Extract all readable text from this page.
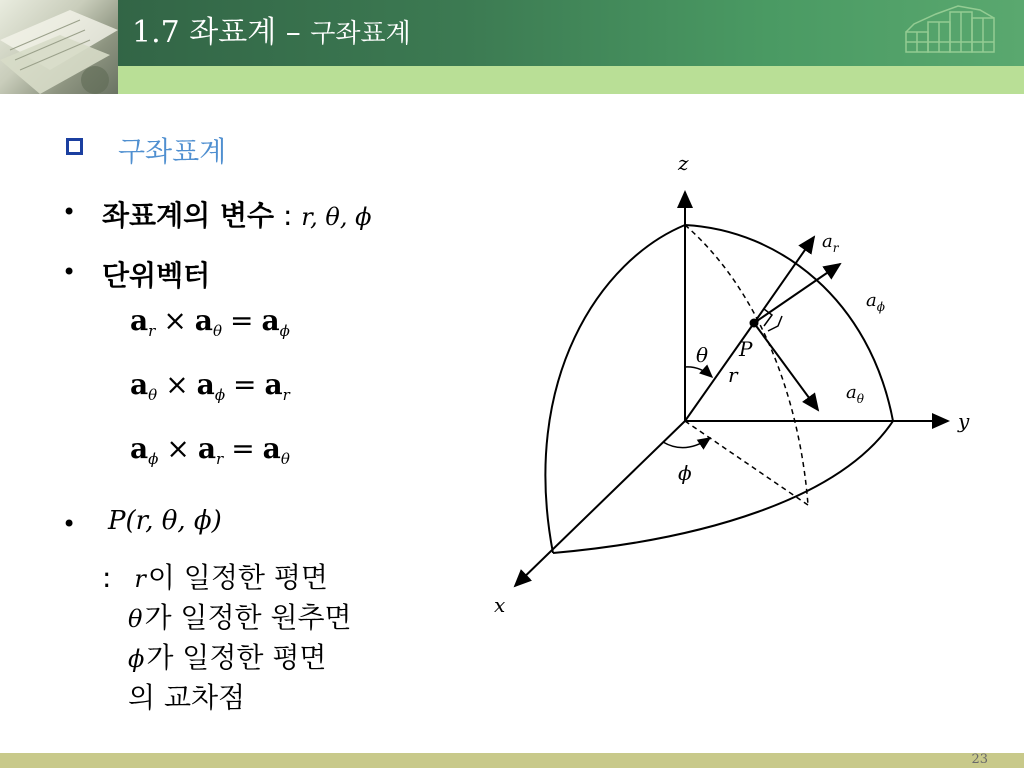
1.7 좌표계 – 구좌표계
구좌표계
• 좌표계의 변수 : r, θ, ϕ
• 단위벡터
$a_r \times a_\theta = a_\phi$
$a_\theta \times a_\phi = a_r$
$a_\phi \times a_r = a_\theta$
• P(r, θ, ϕ)
: r이 일정한 평면
θ가 일정한 원추면
ϕ가 일정한 평면
의 교차점
z
y
x
$a_r$
$a_\phi$
$a_\theta$
P
θ
r
ϕ
23
